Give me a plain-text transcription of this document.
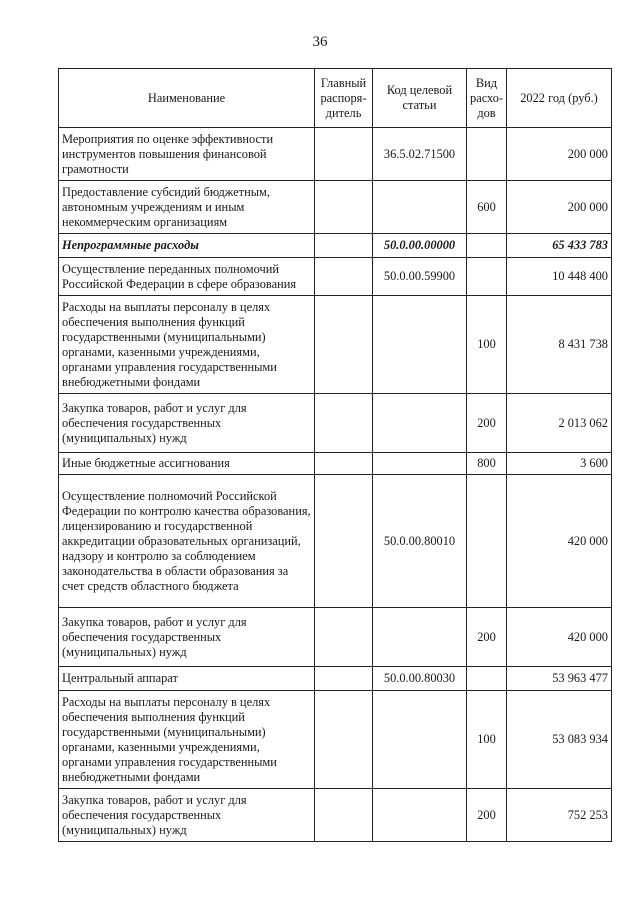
36
Наименование	Главный распоря-дитель	Код целевой статьи	Вид расхо-дов	2022 год (руб.)
Мероприятия по оценке эффективности инструментов повышения финансовой грамотности		36.5.02.71500		200 000
Предоставление субсидий бюджетным, автономным учреждениям и иным некоммерческим организациям			600	200 000
Непрограммные расходы		50.0.00.00000		65 433 783
Осуществление переданных полномочий Российской Федерации в сфере образования		50.0.00.59900		10 448 400
Расходы на выплаты персоналу в целях обеспечения выполнения функций государственными (муниципальными) органами, казенными учреждениями, органами управления государственными внебюджетными фондами			100	8 431 738
Закупка товаров, работ и услуг для обеспечения государственных (муниципальных) нужд			200	2 013 062
Иные бюджетные ассигнования			800	3 600
Осуществление полномочий Российской Федерации по контролю качества образования, лицензированию и государственной аккредитации образовательных организаций, надзору и контролю за соблюдением законодательства в области образования за счет средств областного бюджета		50.0.00.80010		420 000
Закупка товаров, работ и услуг для обеспечения государственных (муниципальных) нужд			200	420 000
Центральный аппарат		50.0.00.80030		53 963 477
Расходы на выплаты персоналу в целях обеспечения выполнения функций государственными (муниципальными) органами, казенными учреждениями, органами управления государственными внебюджетными фондами			100	53 083 934
Закупка товаров, работ и услуг для обеспечения государственных (муниципальных) нужд			200	752 253
